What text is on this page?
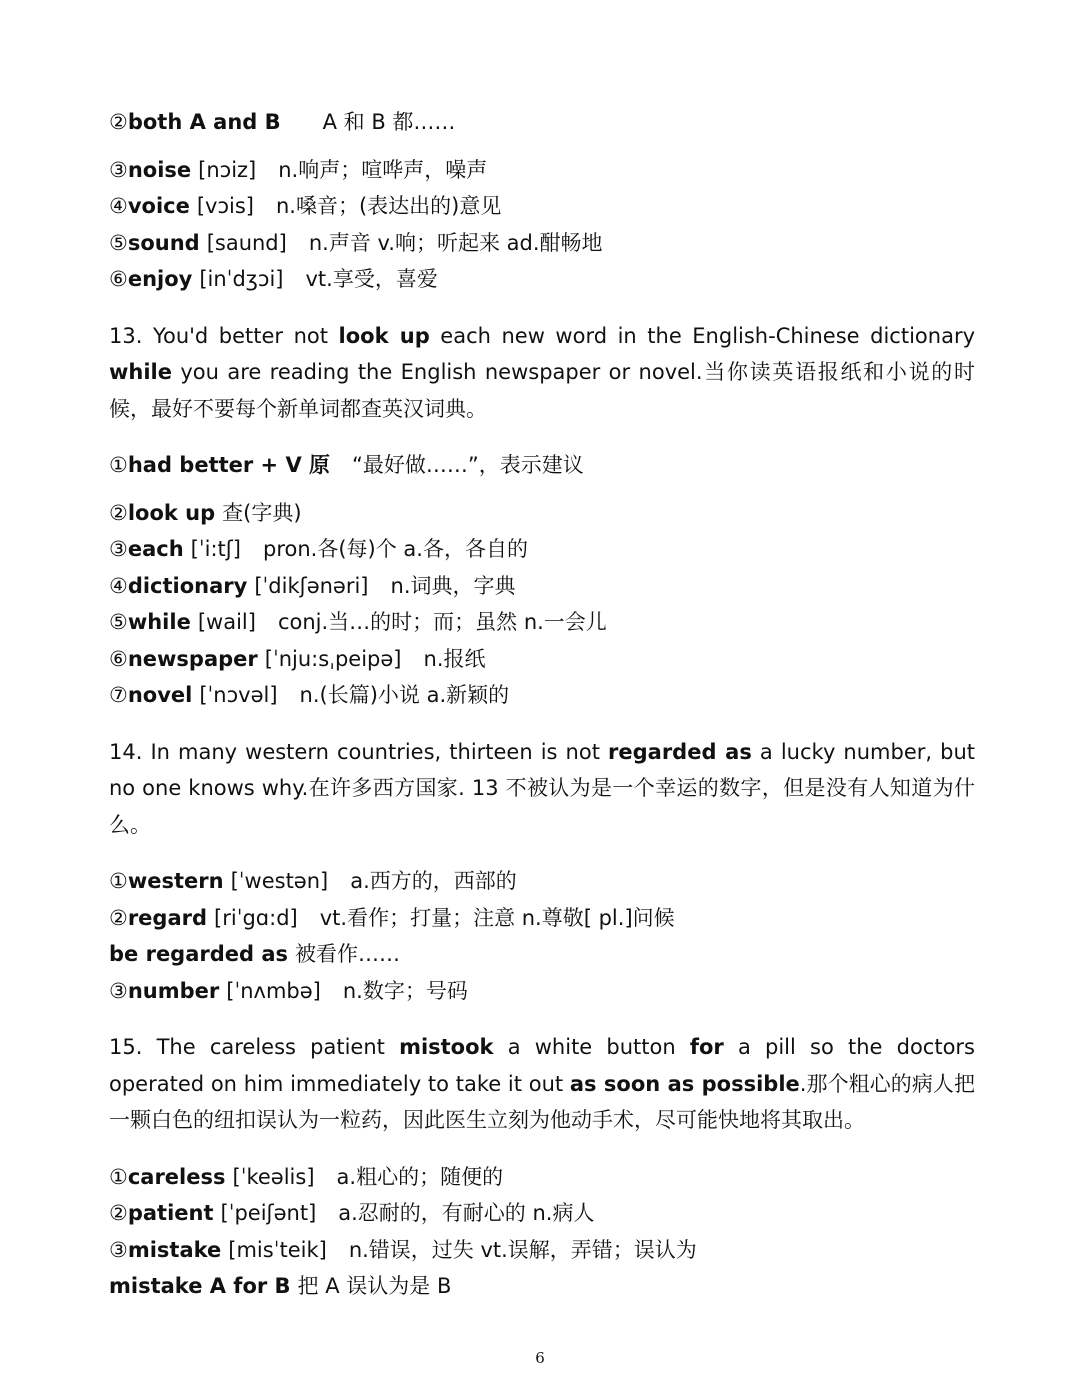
②both A and B A 和 B 都……
③noise [nɔiz] n.响声；喧哗声，噪声
④voice [vɔis] n.嗓音；(表达出的)意见
⑤sound [saund] n.声音 v.响；听起来 ad.酣畅地
⑥enjoy [inˈdʒɔi] vt.享受，喜爱
13. You'd better not look up each new word in the English-Chinese dictionary while you are reading the English newspaper or novel.当你读英语报纸和小说的时候，最好不要每个新单词都查英汉词典。
①had better + V 原 “最好做……”，表示建议
②look up 查(字典)
③each [ˈi:tʃ] pron.各(每)个 a.各，各自的
④dictionary [ˈdikʃənəri] n.词典，字典
⑤while [wail] conj.当…的时；而；虽然 n.一会儿
⑥newspaper [ˈnju:sˌpeipə] n.报纸
⑦novel [ˈnɔvəl] n.(长篇)小说 a.新颖的
14. In many western countries, thirteen is not regarded as a lucky number, but no one knows why.在许多西方国家. 13 不被认为是一个幸运的数字，但是没有人知道为什么。
①western [ˈwestən] a.西方的，西部的
②regard [riˈgɑ:d] vt.看作；打量；注意 n.尊敬[ pl.]问候
be regarded as 被看作……
③number [ˈnʌmbə] n.数字；号码
15. The careless patient mistook a white button for a pill so the doctors operated on him immediately to take it out as soon as possible.那个粗心的病人把一颗白色的纽扣误认为一粒药，因此医生立刻为他动手术，尽可能快地将其取出。
①careless [ˈkeəlis] a.粗心的；随便的
②patient [ˈpeiʃənt] a.忍耐的，有耐心的 n.病人
③mistake [misˈteik] n.错误，过失 vt.误解，弄错；误认为
mistake A for B 把 A 误认为是 B
6
